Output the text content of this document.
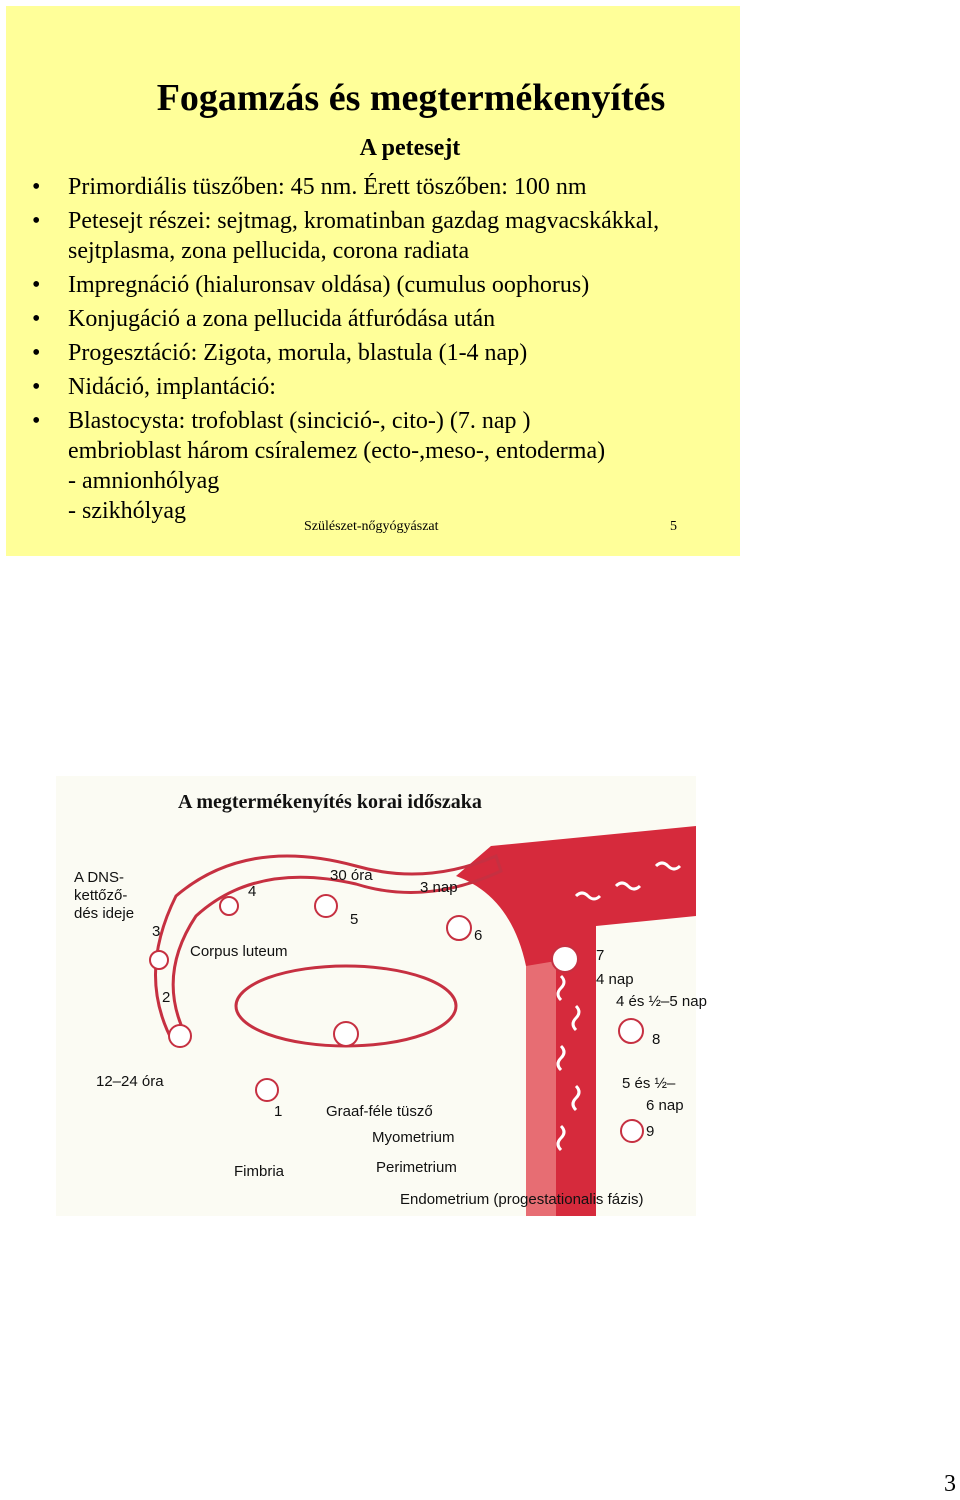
Fogamzás és megtermékenyítés
A petesejt
• Primordiális tüszőben: 45 nm. Érett töszőben: 100 nm
• Petesejt részei: sejtmag, kromatinban gazdag magvacskákkal, sejtplasma, zona pellucida, corona radiata
• Impregnáció (hialuronsav oldása) (cumulus oophorus)
• Konjugáció a zona pellucida átfuródása után
• Progesztáció: Zigota, morula, blastula (1-4 nap)
• Nidáció, implantáció:
• Blastocysta: trofoblast (sincició-, cito-) (7. nap )
embrioblast három csíralemez (ecto-,meso-, entoderma)
- amnionhólyag
- szikhólyag
Szülészet-nőgyógyászat	5
A megtermékenyítés korai időszaka
A DNS-
kettőző-
dés ideje
30 óra
3 nap
4
5
6
3
Corpus luteum
2
7
4 nap
4 és ½–5 nap
8
12–24 óra
1	Graaf-féle tüsző
Myometrium
Perimetrium
5 és ½–
6 nap
9
Fimbria
Endometrium (progestationalis fázis)
3
